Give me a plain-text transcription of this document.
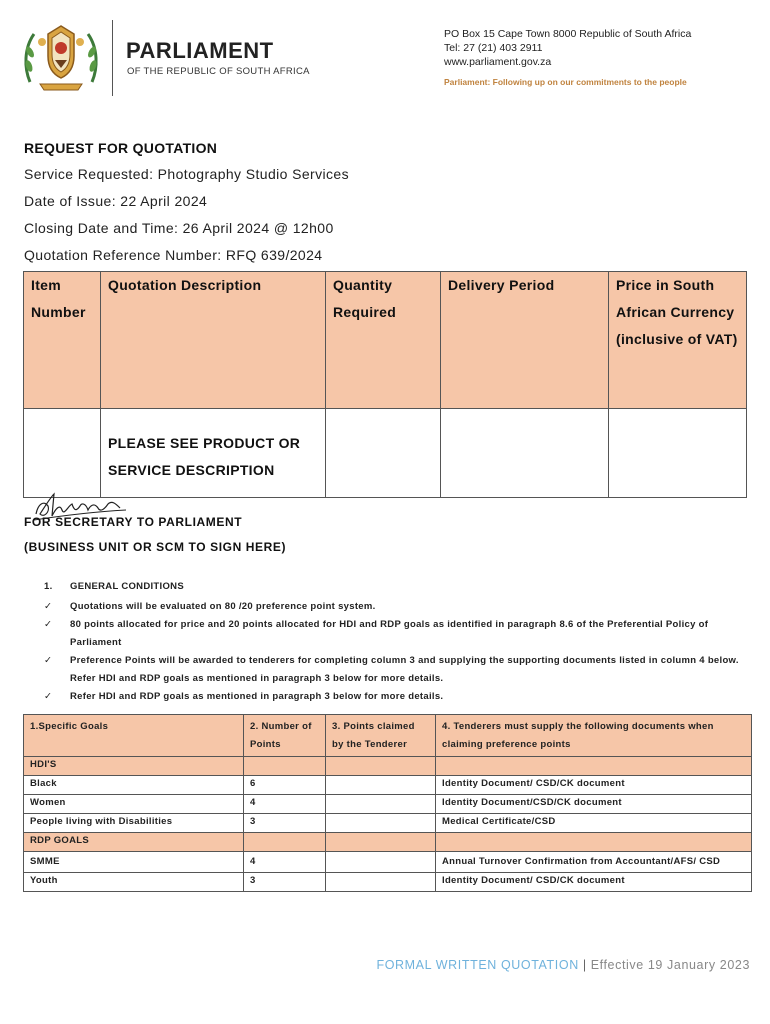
PARLIAMENT
OF THE REPUBLIC OF SOUTH AFRICA
PO Box 15 Cape Town 8000 Republic of South Africa
Tel: 27 (21) 403 2911
www.parliament.gov.za
Parliament: Following up on our commitments to the people
REQUEST FOR QUOTATION
Service Requested: Photography Studio Services
Date of Issue: 22 April 2024
Closing Date and Time: 26 April 2024 @ 12h00
Quotation Reference Number: RFQ 639/2024
Item Number	Quotation Description	Quantity Required	Delivery Period	Price in South African Currency (inclusive of VAT)
	PLEASE SEE PRODUCT OR SERVICE DESCRIPTION			
FOR SECRETARY TO PARLIAMENT
(BUSINESS UNIT OR SCM TO SIGN HERE)
1.	GENERAL CONDITIONS
✓	Quotations will be evaluated on 80 /20 preference point system.
✓	80 points allocated for price and 20 points allocated for HDI and RDP goals as identified in paragraph 8.6 of the Preferential Policy of Parliament
✓	Preference Points will be awarded to tenderers for completing column 3 and supplying the supporting documents listed in column 4 below. Refer HDI and RDP goals as mentioned in paragraph 3 below for more details.
✓	Refer HDI and RDP goals as mentioned in paragraph 3 below for more details.
1.Specific Goals	2. Number of Points	3. Points claimed by the Tenderer	4. Tenderers must supply the following documents when claiming preference points
HDI'S			
Black	6		Identity Document/ CSD/CK document
Women	4		Identity Document/CSD/CK document
People living with Disabilities	3		Medical Certificate/CSD
RDP GOALS			
SMME	4		Annual Turnover Confirmation from Accountant/AFS/ CSD
Youth	3		Identity Document/ CSD/CK document
FORMAL WRITTEN QUOTATION | Effective 19 January 2023
